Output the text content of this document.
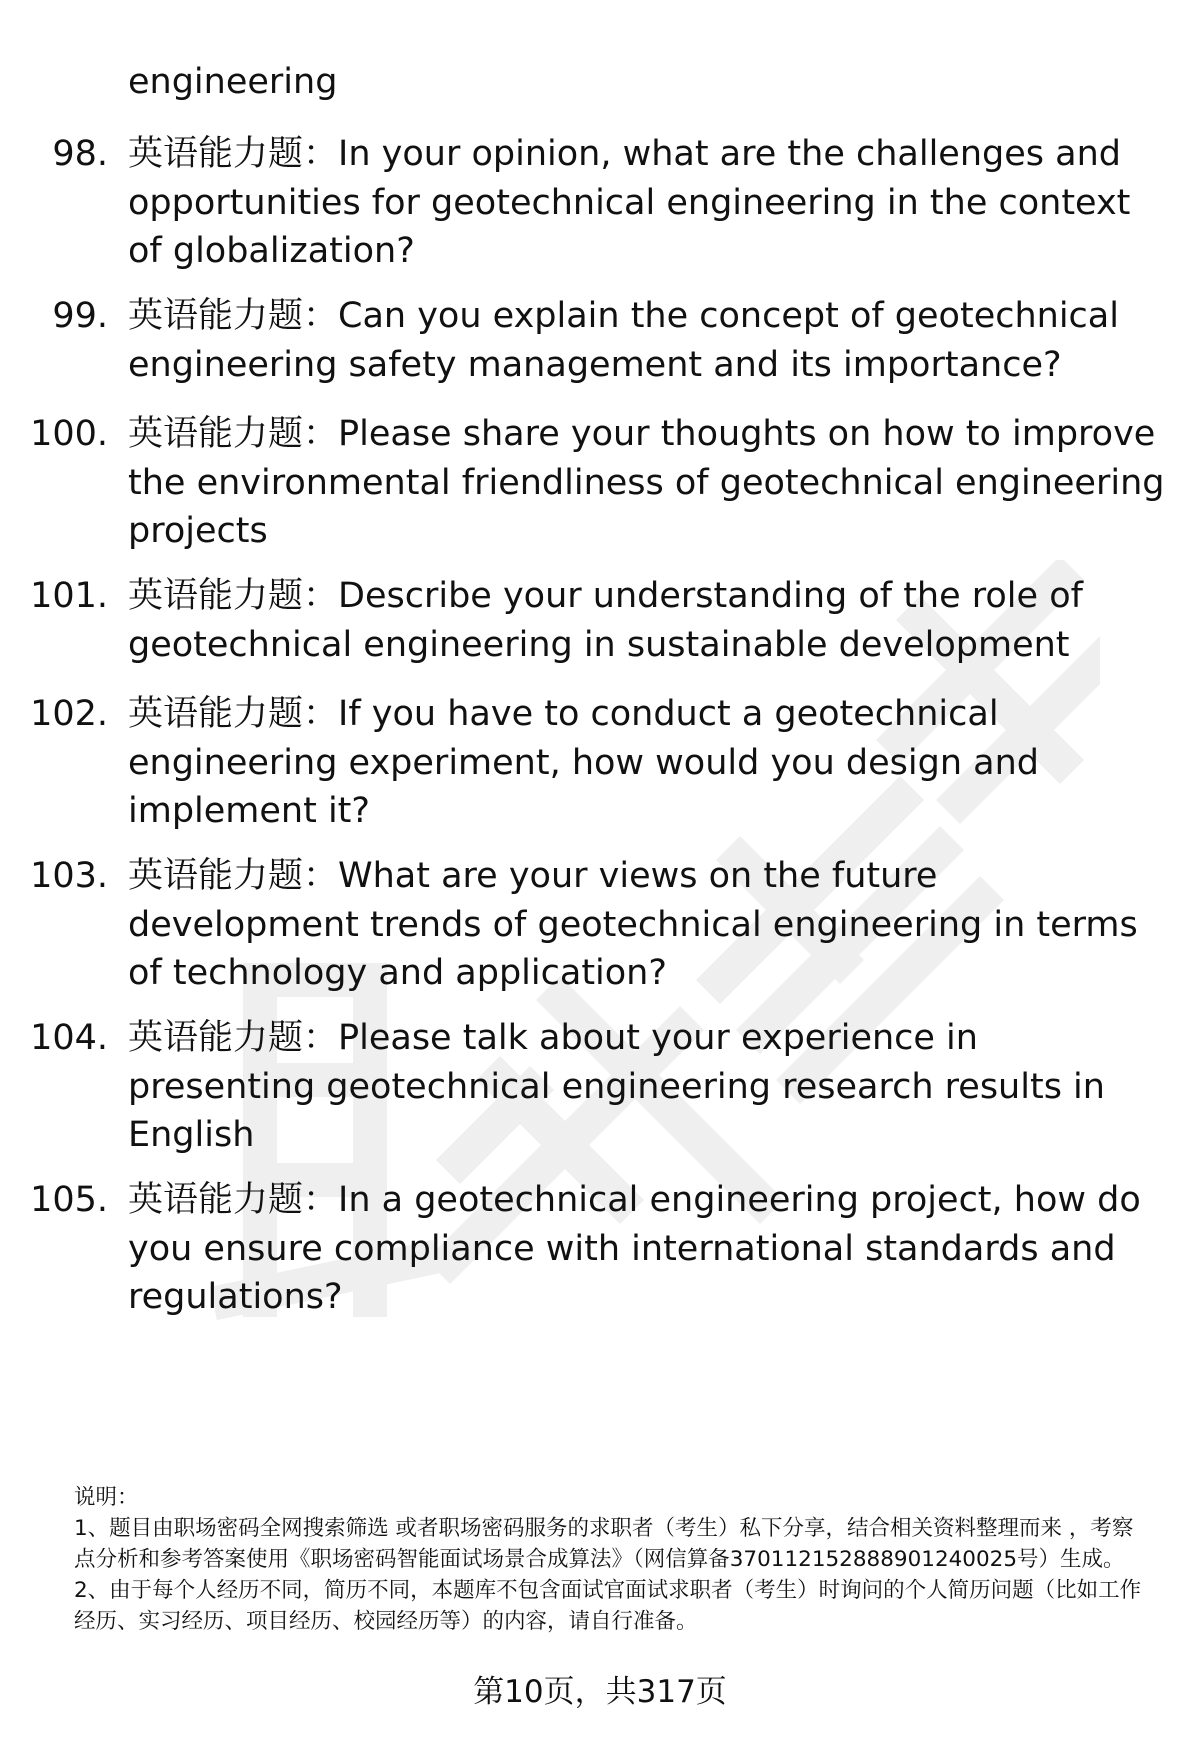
engineering
98. 英语能力题：In your opinion, what are the challenges and opportunities for geotechnical engineering in the context of globalization?
99. 英语能力题：Can you explain the concept of geotechnical engineering safety management and its importance?
100. 英语能力题：Please share your thoughts on how to improve the environmental friendliness of geotechnical engineering projects
101. 英语能力题：Describe your understanding of the role of geotechnical engineering in sustainable development
102. 英语能力题：If you have to conduct a geotechnical engineering experiment, how would you design and implement it?
103. 英语能力题：What are your views on the future development trends of geotechnical engineering in terms of technology and application?
104. 英语能力题：Please talk about your experience in presenting geotechnical engineering research results in English
105. 英语能力题：In a geotechnical engineering project, how do you ensure compliance with international standards and regulations?

说明：

1、题目由职场密码全网搜索筛选 或者职场密码服务的求职者（考生）私下分享，结合相关资料整理而来 ，考察点分析和参考答案使用《职场密码智能面试场景合成算法》（网信算备370112152888901240025号）生成。

2、由于每个人经历不同，简历不同，本题库不包含面试官面试求职者（考生）时询问的个人简历问题（比如工作经历、实习经历、项目经历、校园经历等）的内容，请自行准备。

第10页，共317页
